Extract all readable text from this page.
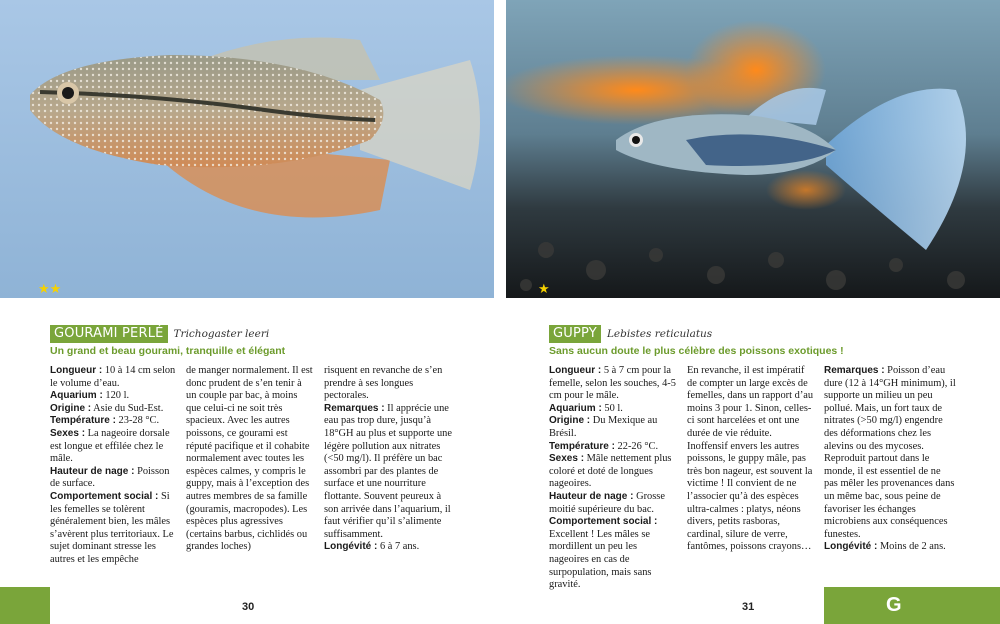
★★
GOURAMI PERLÉ Trichogaster leeri
Un grand et beau gourami, tranquille et élégant

Longueur : 10 à 14 cm selon le volume d’eau.

Aquarium : 120 l.

Origine : Asie du Sud-Est.

Température : 23-28 °C.

Sexes : La nageoire dorsale est longue et effilée chez le mâle.

Hauteur de nage : Poisson de surface.

Comportement social : Si les femelles se tolèrent généralement bien, les mâles s’avèrent plus territoriaux. Le sujet dominant stresse les autres et les empêche

de manger normalement. Il est donc prudent de s’en tenir à un couple par bac, à moins que celui-ci ne soit très spacieux. Avec les autres poissons, ce gourami est réputé pacifique et il cohabite normalement avec toutes les espèces calmes, y compris le guppy, mais à l’exception des autres membres de sa famille (gouramis, macropodes). Les espèces plus agressives (certains barbus, cichlidés ou grandes loches)

risquent en revanche de s’en prendre à ses longues pectorales.

Remarques : Il apprécie une eau pas trop dure, jusqu’à 18°GH au plus et supporte une légère pollution aux nitrates (<50 mg/l). Il préfère un bac assombri par des plantes de surface et une nourriture flottante. Souvent peureux à son arrivée dans l’aquarium, il faut vérifier qu’il s’alimente suffisamment.

Longévité : 6 à 7 ans.

30
★
GUPPY Lebistes reticulatus
Sans aucun doute le plus célèbre des poissons exotiques !

Longueur : 5 à 7 cm pour la femelle, selon les souches, 4-5 cm pour le mâle.

Aquarium : 50 l.

Origine : Du Mexique au Brésil.

Température : 22-26 °C.

Sexes : Mâle nettement plus coloré et doté de longues nageoires.

Hauteur de nage : Grosse moitié supérieure du bac.

Comportement social : Excellent ! Les mâles se mordillent un peu les nageoires en cas de surpopulation, mais sans gravité.

En revanche, il est impératif de compter un large excès de femelles, dans un rapport d’au moins 3 pour 1. Sinon, celles-ci sont harcelées et ont une durée de vie réduite. Inoffensif envers les autres poissons, le guppy mâle, pas très bon nageur, est souvent la victime ! Il convient de ne l’associer qu’à des espèces ultra-calmes : platys, néons divers, petits rasboras, cardinal, silure de verre, fantômes, poissons crayons…

Remarques : Poisson d’eau dure (12 à 14°GH minimum), il supporte un milieu un peu pollué. Mais, un fort taux de nitrates (>50 mg/l) engendre des déformations chez les alevins ou des mycoses. Reproduit partout dans le monde, il est essentiel de ne pas mêler les provenances dans un même bac, sous peine de favoriser les échanges microbiens aux conséquences funestes.

Longévité : Moins de 2 ans.

31	G
